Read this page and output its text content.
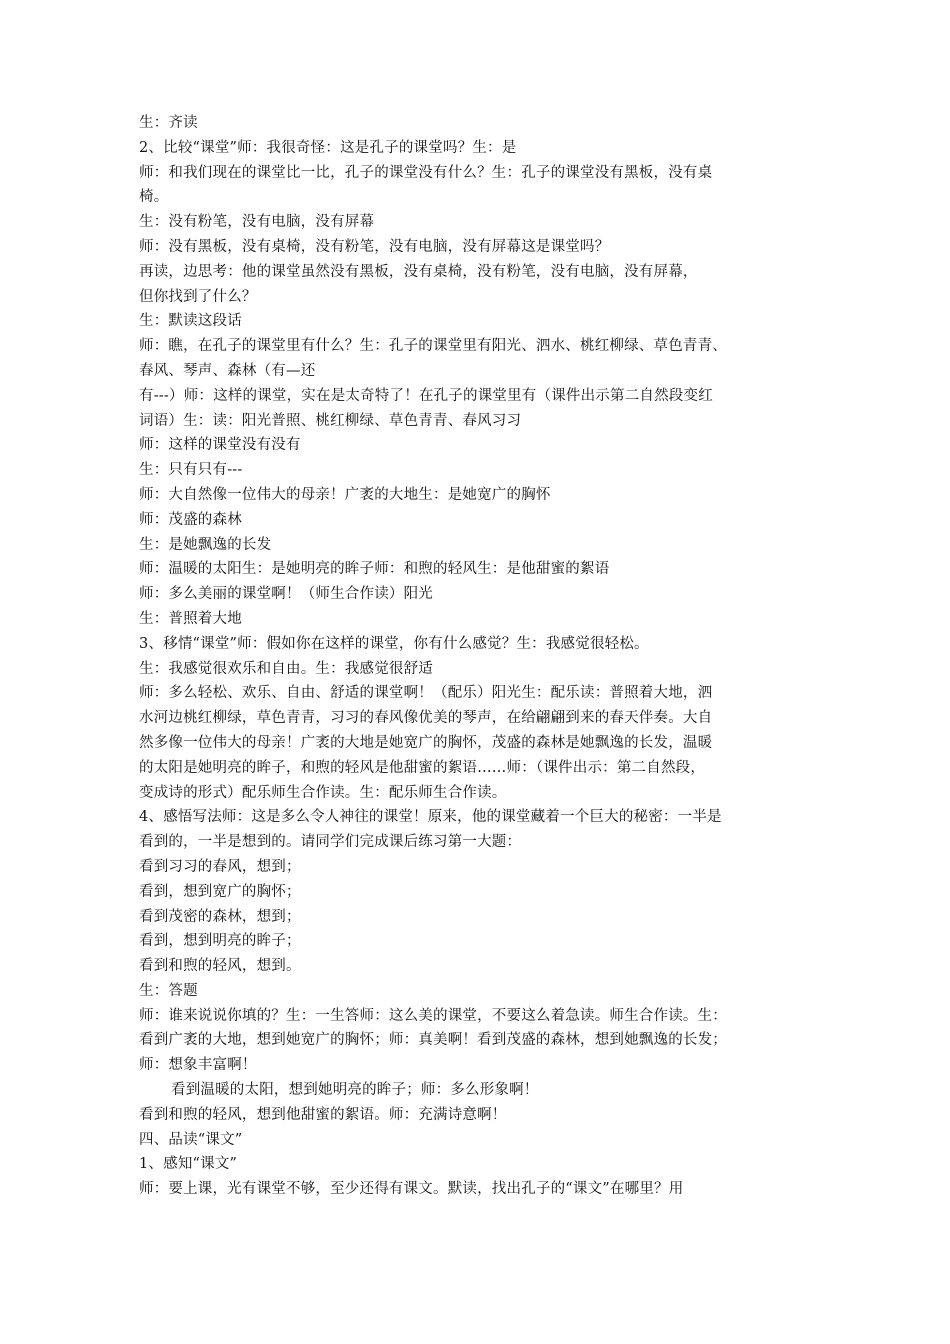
生：齐读
2、比较“课堂”师：我很奇怪：这是孔子的课堂吗？生：是
师：和我们现在的课堂比一比，孔子的课堂没有什么？生：孔子的课堂没有黑板，没有桌
椅。
生：没有粉笔，没有电脑，没有屏幕
师：没有黑板，没有桌椅，没有粉笔，没有电脑，没有屏幕这是课堂吗？
再读，边思考：他的课堂虽然没有黑板，没有桌椅，没有粉笔，没有电脑，没有屏幕，
但你找到了什么？
生：默读这段话
师：瞧，在孔子的课堂里有什么？生：孔子的课堂里有阳光、泗水、桃红柳绿、草色青青、
春风、琴声、森林（有—还
有---）师：这样的课堂，实在是太奇特了！在孔子的课堂里有（课件出示第二自然段变红
词语）生：读：阳光普照、桃红柳绿、草色青青、春风习习
师：这样的课堂没有没有
生：只有只有---
师：大自然像一位伟大的母亲！广袤的大地生：是她宽广的胸怀
师：茂盛的森林
生：是她飘逸的长发
师：温暖的太阳生：是她明亮的眸子师：和煦的轻风生：是他甜蜜的絮语
师：多么美丽的课堂啊！（师生合作读）阳光
生：普照着大地
3、移情“课堂”师：假如你在这样的课堂，你有什么感觉？生：我感觉很轻松。
生：我感觉很欢乐和自由。生：我感觉很舒适
师：多么轻松、欢乐、自由、舒适的课堂啊！（配乐）阳光生：配乐读：普照着大地，泗
水河边桃红柳绿，草色青青，习习的春风像优美的琴声，在给翩翩到来的春天伴奏。大自
然多像一位伟大的母亲！广袤的大地是她宽广的胸怀，茂盛的森林是她飘逸的长发，温暖
的太阳是她明亮的眸子，和煦的轻风是他甜蜜的絮语……师：（课件出示：第二自然段，
变成诗的形式）配乐师生合作读。生：配乐师生合作读。
4、感悟写法师：这是多么令人神往的课堂！原来，他的课堂藏着一个巨大的秘密：一半是
看到的，一半是想到的。请同学们完成课后练习第一大题：
看到习习的春风，想到；
看到，想到宽广的胸怀；
看到茂密的森林，想到；
看到，想到明亮的眸子；
看到和煦的轻风，想到。
生：答题
师：谁来说说你填的？生：一生答师：这么美的课堂，不要这么着急读。师生合作读。生：
看到广袤的大地，想到她宽广的胸怀；师：真美啊！看到茂盛的森林，想到她飘逸的长发；
师：想象丰富啊！
看到温暖的太阳，想到她明亮的眸子；师：多么形象啊！
看到和煦的轻风，想到他甜蜜的絮语。师：充满诗意啊！
四、品读“课文”
1、感知“课文”
师：要上课，光有课堂不够，至少还得有课文。默读，找出孔子的“课文”在哪里？用
